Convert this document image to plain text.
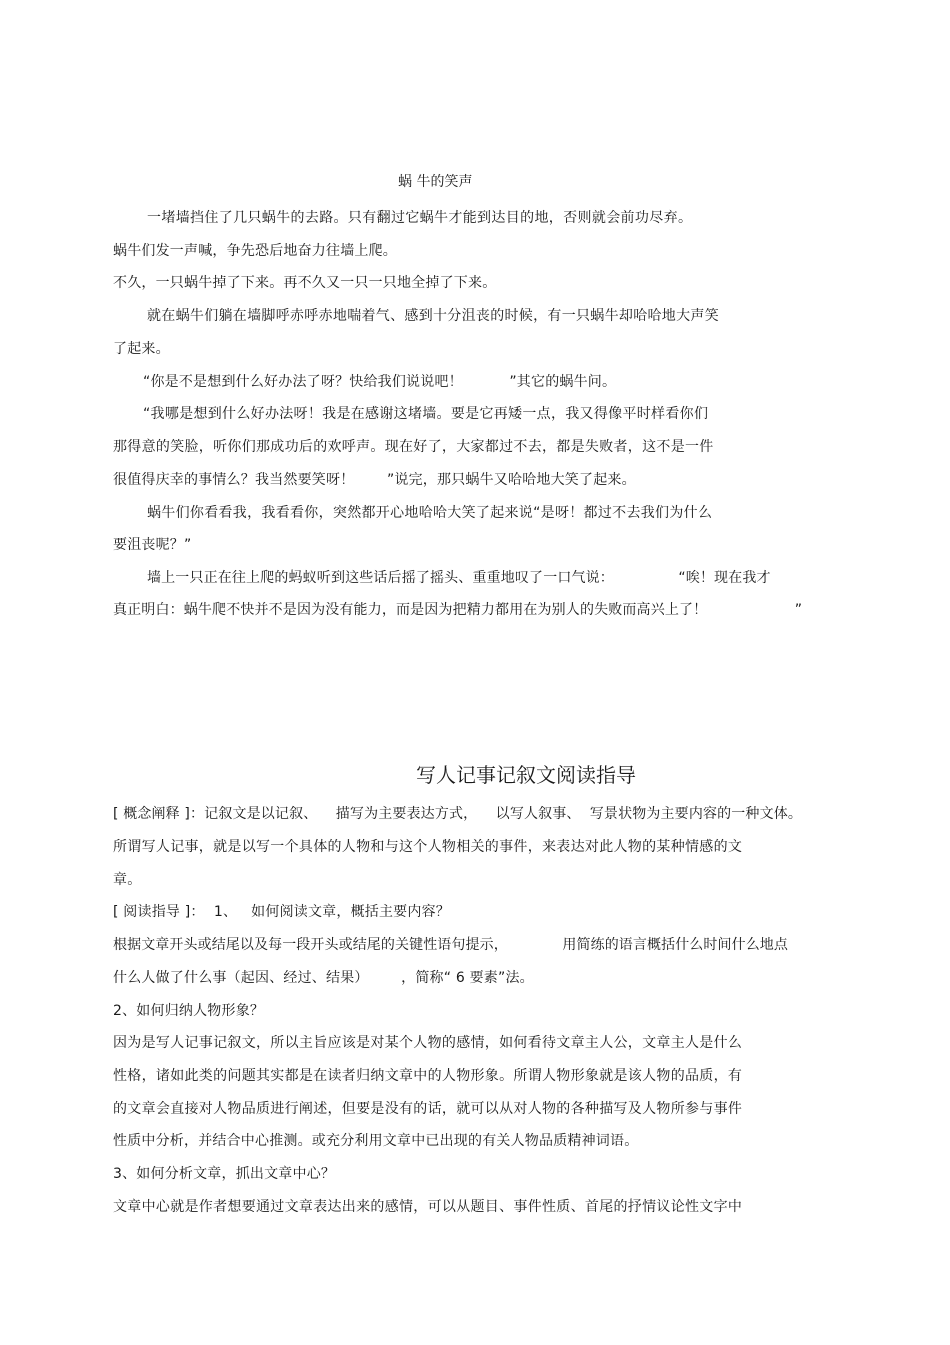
蜗 牛的笑声
一堵墙挡住了几只蜗牛的去路。只有翻过它蜗牛才能到达目的地，否则就会前功尽弃。
蜗牛们发一声喊，争先恐后地奋力往墙上爬。
不久，一只蜗牛掉了下来。再不久又一只一只地全掉了下来。
就在蜗牛们躺在墙脚呼赤呼赤地喘着气、感到十分沮丧的时候，有一只蜗牛却哈哈地大声笑
了起来。
“你是不是想到什么好办法了呀？快给我们说说吧！          ”其它的蜗牛问。
“我哪是想到什么好办法呀！我是在感谢这堵墙。要是它再矮一点，我又得像平时样看你们
那得意的笑脸，听你们那成功后的欢呼声。现在好了，大家都过不去，都是失败者，这不是一件
很值得庆幸的事情么？我当然要笑呀！       ”说完，那只蜗牛又哈哈地大笑了起来。
蜗牛们你看看我，我看看你，突然都开心地哈哈大笑了起来说“是呀！都过不去我们为什么
要沮丧呢？”
墙上一只正在往上爬的蚂蚁听到这些话后摇了摇头、重重地叹了一口气说：              “唉！现在我才
真正明白：蜗牛爬不快并不是因为没有能力，而是因为把精力都用在为别人的失败而高兴上了！                   ”
写人记事记叙文阅读指导
[ 概念阐释 ]：记叙文是以记叙、    描写为主要表达方式，    以写人叙事、  写景状物为主要内容的一种文体。
所谓写人记事，就是以写一个具体的人物和与这个人物相关的事件，来表达对此人物的某种情感的文
章。
[ 阅读指导 ]：  1、   如何阅读文章，概括主要内容？
根据文章开头或结尾以及每一段开头或结尾的关键性语句提示，            用简练的语言概括什么时间什么地点
什么人做了什么事（起因、经过、结果）       ，简称“ 6 要素”法。
2、如何归纳人物形象？
因为是写人记事记叙文，所以主旨应该是对某个人物的感情，如何看待文章主人公，文章主人是什么
性格，诸如此类的问题其实都是在读者归纳文章中的人物形象。所谓人物形象就是该人物的品质，有
的文章会直接对人物品质进行阐述，但要是没有的话，就可以从对人物的各种描写及人物所参与事件
性质中分析，并结合中心推测。或充分利用文章中已出现的有关人物品质精神词语。
3、如何分析文章，抓出文章中心？
文章中心就是作者想要通过文章表达出来的感情，可以从题目、事件性质、首尾的抒情议论性文字中
